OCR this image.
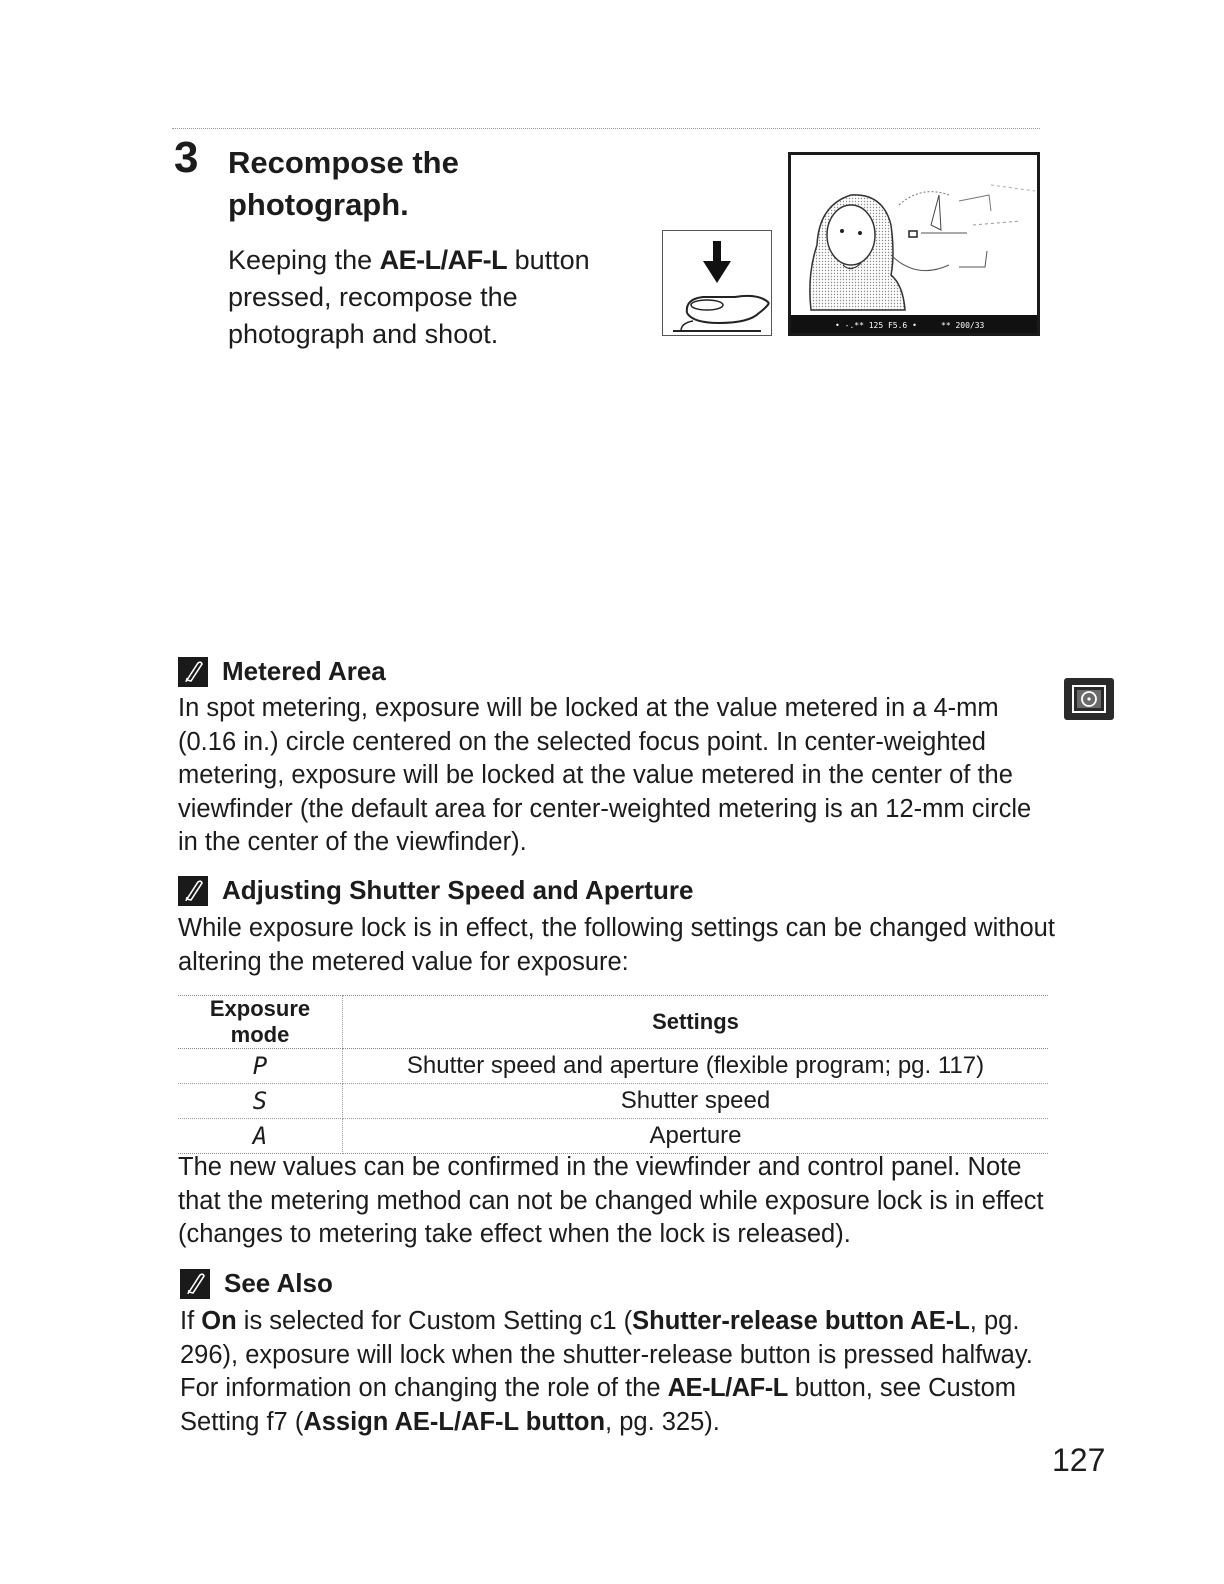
3 Recompose the photograph.
Keeping the AE-L/AF-L button pressed, recompose the photograph and shoot.	• -.** 125 F5.6 •	** 200/33
Metered Area
In spot metering, exposure will be locked at the value metered in a 4-mm (0.16 in.) circle centered on the selected focus point. In center-weighted metering, exposure will be locked at the value metered in the center of the viewfinder (the default area for center-weighted metering is an 12-mm circle in the center of the viewfinder).
Adjusting Shutter Speed and Aperture
While exposure lock is in effect, the following settings can be changed without altering the metered value for exposure:
Exposure mode	Settings
P	Shutter speed and aperture (flexible program; pg. 117)
S	Shutter speed
A	Aperture
The new values can be confirmed in the viewfinder and control panel. Note that the metering method can not be changed while exposure lock is in effect (changes to metering take effect when the lock is released).
See Also
If On is selected for Custom Setting c1 (Shutter-release button AE-L, pg. 296), exposure will lock when the shutter-release button is pressed halfway. For information on changing the role of the AE-L/AF-L button, see Custom Setting f7 (Assign AE-L/AF-L button, pg. 325).
127
